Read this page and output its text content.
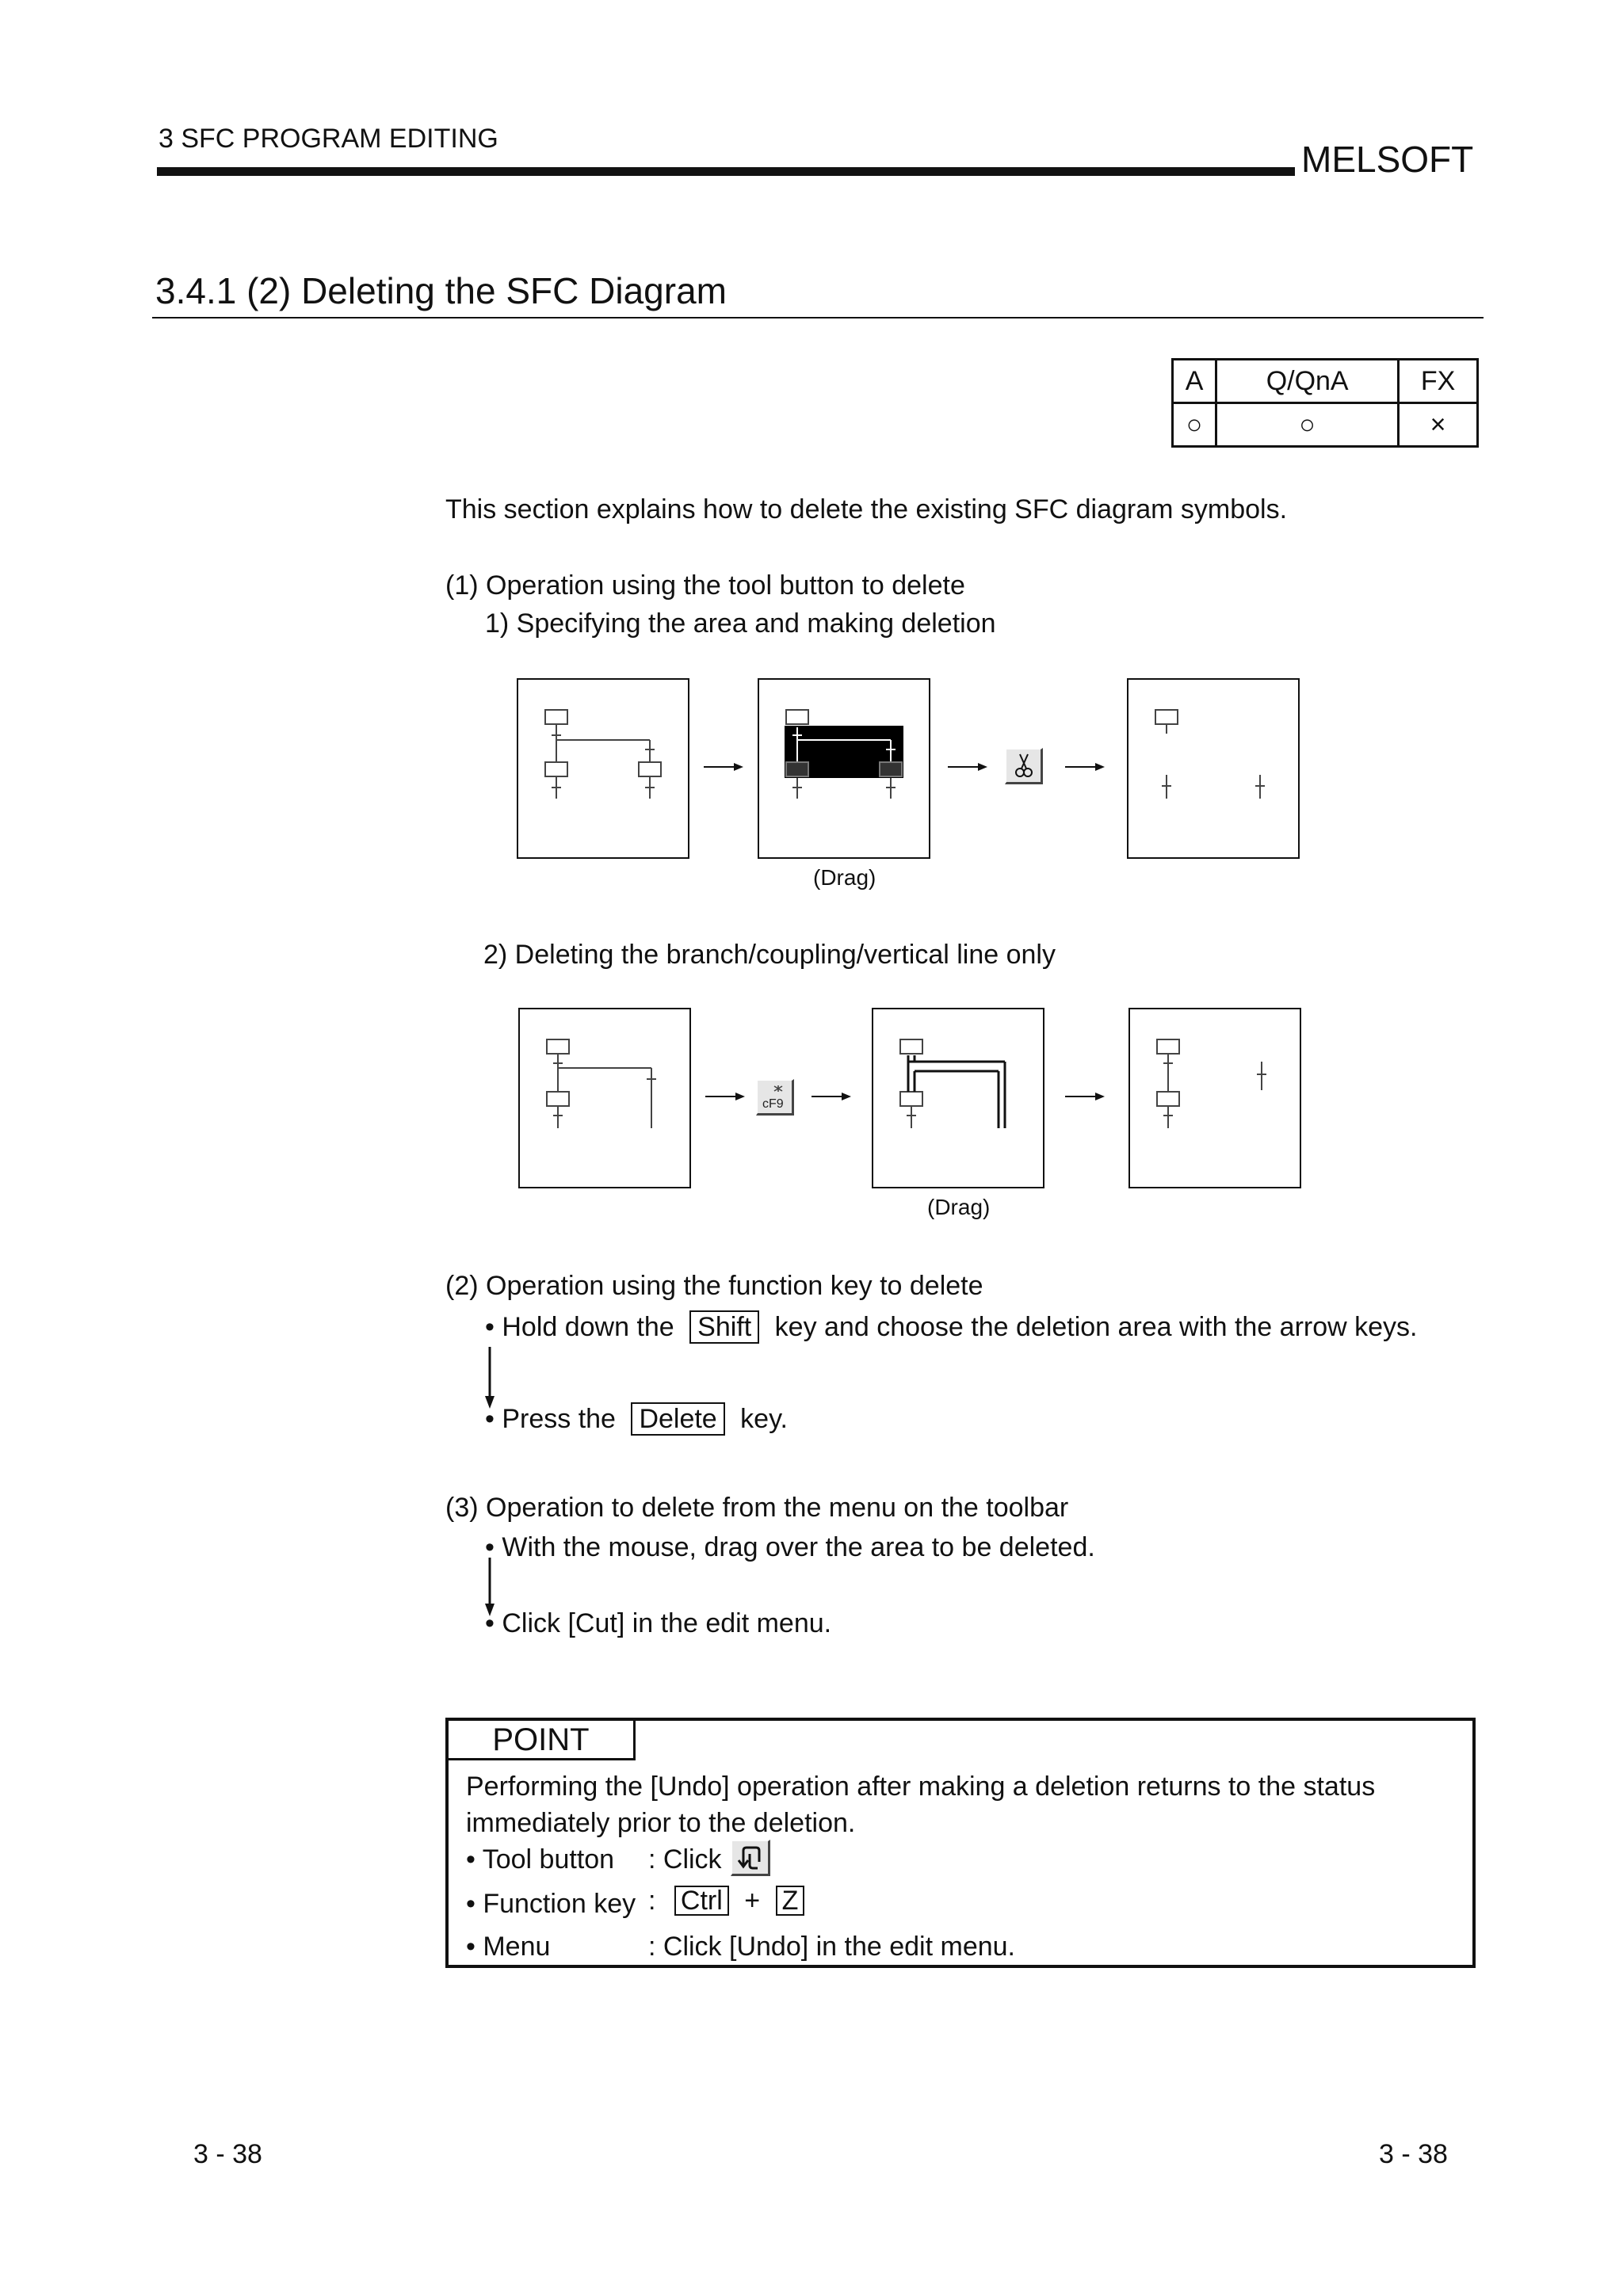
3 SFC PROGRAM EDITING	MELSOFT
3.4.1 (2) Deleting the SFC Diagram
A	Q/QnA	FX
○	○	×
This section explains how to delete the existing SFC diagram symbols.
(1) Operation using the tool button to delete
1) Specifying the area and making deletion
(Drag)
2) Deleting the branch/coupling/vertical line only
cF9
(Drag)
(2) Operation using the function key to delete
• Hold down the Shift key and choose the deletion area with the arrow keys.
• Press the Delete key.
(3) Operation to delete from the menu on the toolbar
• With the mouse, drag over the area to be deleted.
• Click [Cut] in the edit menu.
POINT
Performing the [Undo] operation after making a deletion returns to the status
immediately prior to the deletion.
• Tool button : Click
• Function key : Ctrl + Z
• Menu	: Click [Undo] in the edit menu.
3 - 38	3 - 38
